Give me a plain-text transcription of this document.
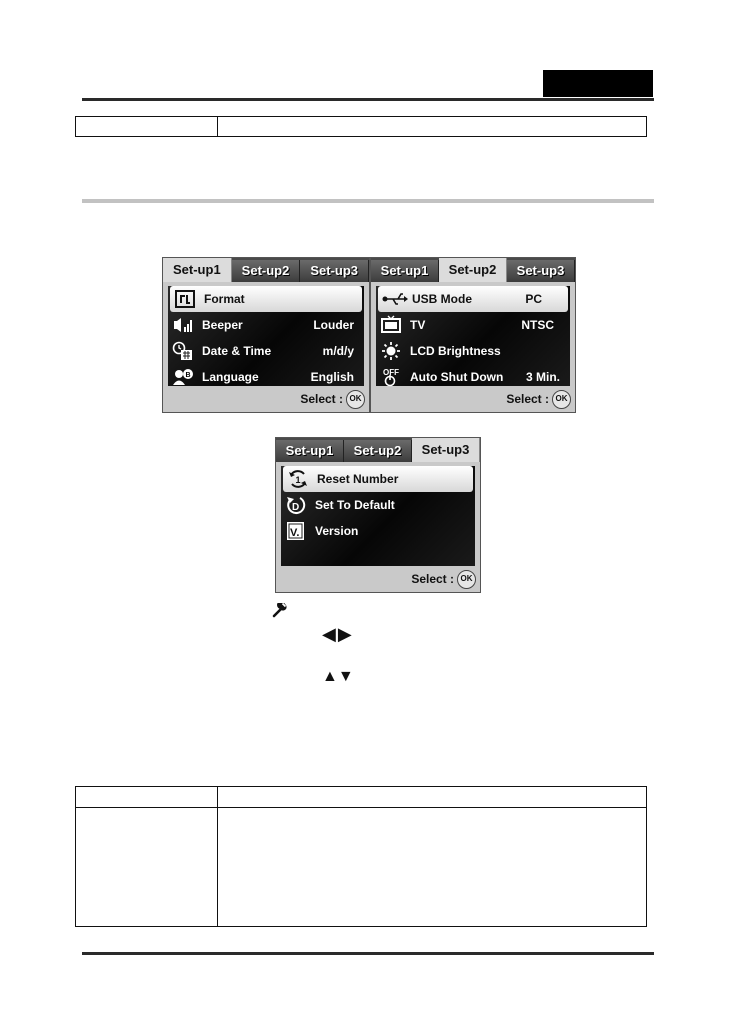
Set-up1	Set-up2	Set-up3
Format
Beeper	Louder
Date & Time	m/d/y
B Language	English
Select : OK
Set-up1	Set-up2	Set-up3
USB Mode	PC
TV	NTSC
LCD Brightness
OFF Auto Shut Down 3 Min.
Select : OK
Set-up1	Set-up2	Set-up3
1 Reset Number
D Set To Default
V. Version
Select : OK
◀ ▶
▲ ▼
